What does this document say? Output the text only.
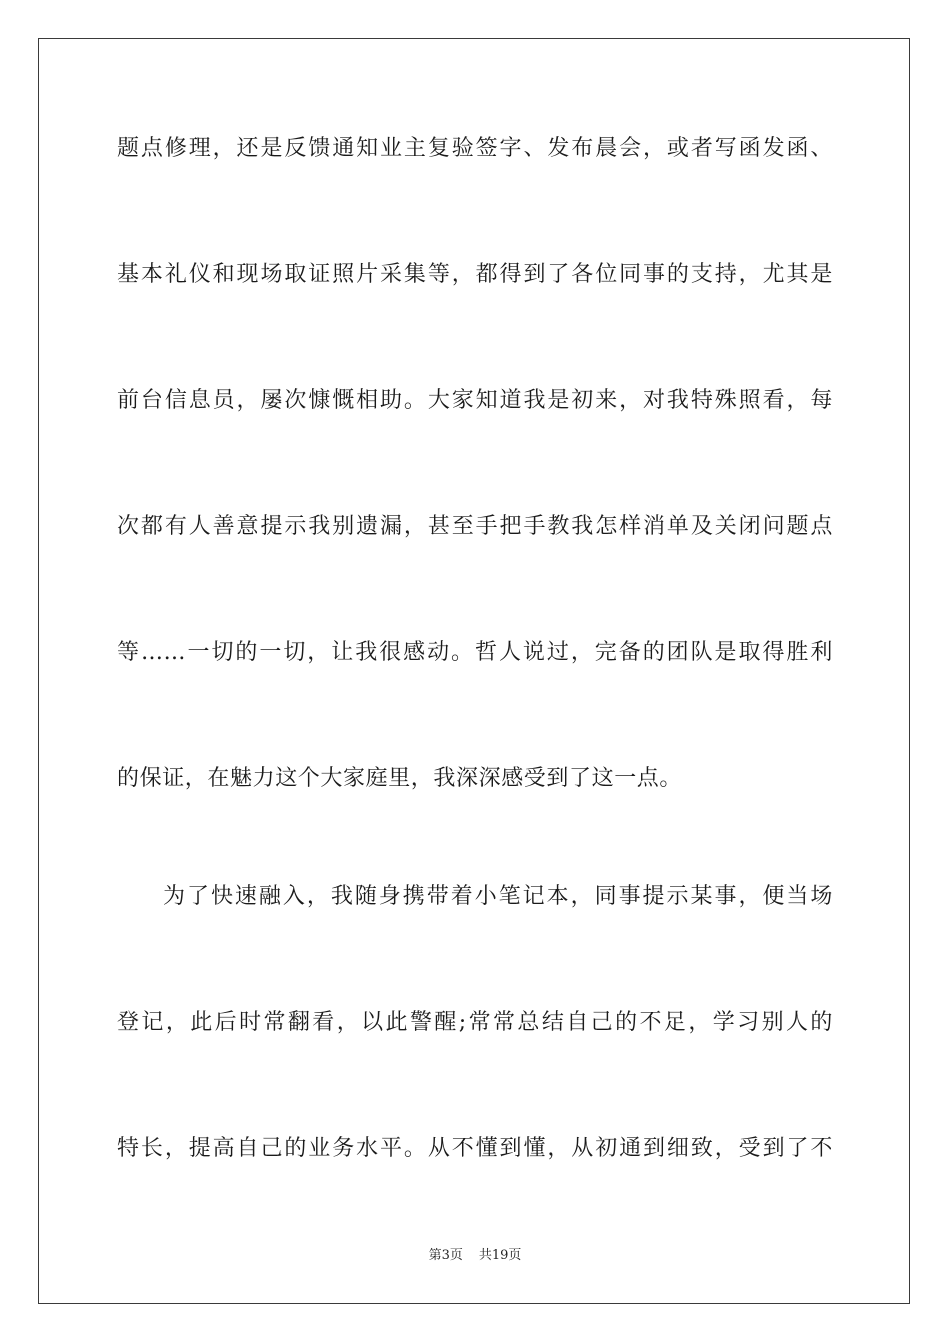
题点修理，还是反馈通知业主复验签字、发布晨会，或者写函发函、
基本礼仪和现场取证照片采集等，都得到了各位同事的支持，尤其是
前台信息员，屡次慷慨相助。大家知道我是初来，对我特殊照看，每
次都有人善意提示我别遗漏，甚至手把手教我怎样消单及关闭问题点
等……一切的一切，让我很感动。哲人说过，完备的团队是取得胜利
的保证，在魅力这个大家庭里，我深深感受到了这一点。
为了快速融入，我随身携带着小笔记本，同事提示某事，便当场
登记，此后时常翻看，以此警醒;常常总结自己的不足，学习别人的
特长，提高自己的业务水平。从不懂到懂，从初通到细致，受到了不
第3页 共19页
